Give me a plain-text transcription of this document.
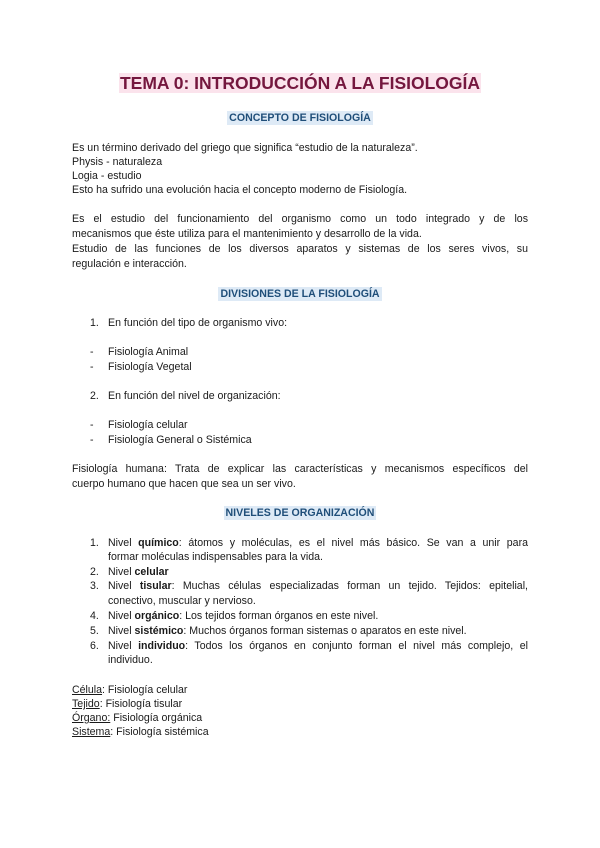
TEMA 0: INTRODUCCIÓN A LA FISIOLOGÍA
CONCEPTO DE FISIOLOGÍA
Es un término derivado del griego que significa “estudio de la naturaleza”.
Physis - naturaleza
Logia - estudio
Esto ha sufrido una evolución hacia el concepto moderno de Fisiología.
Es el estudio del funcionamiento del organismo como un todo integrado y de los
mecanismos que éste utiliza para el mantenimiento y desarrollo de la vida.
Estudio de las funciones de los diversos aparatos y sistemas de los seres vivos, su
regulación e interacción.
DIVISIONES DE LA FISIOLOGÍA
1. En función del tipo de organismo vivo:
-	Fisiología Animal
-	Fisiología Vegetal
2. En función del nivel de organización:
-	Fisiología celular
-	Fisiología General o Sistémica
Fisiología humana: Trata de explicar las características y mecanismos específicos del
cuerpo humano que hacen que sea un ser vivo.
NIVELES DE ORGANIZACIÓN
1. Nivel químico: átomos y moléculas, es el nivel más básico. Se van a unir para
formar moléculas indispensables para la vida.
2. Nivel celular
3. Nivel tisular: Muchas células especializadas forman un tejido. Tejidos: epitelial,
conectivo, muscular y nervioso.
4. Nivel orgánico: Los tejidos forman órganos en este nivel.
5. Nivel sistémico: Muchos órganos forman sistemas o aparatos en este nivel.
6. Nivel individuo: Todos los órganos en conjunto forman el nivel más complejo, el
individuo.
Célula: Fisiología celular
Tejido: Fisiología tisular
Órgano: Fisiología orgánica
Sistema: Fisiología sistémica
